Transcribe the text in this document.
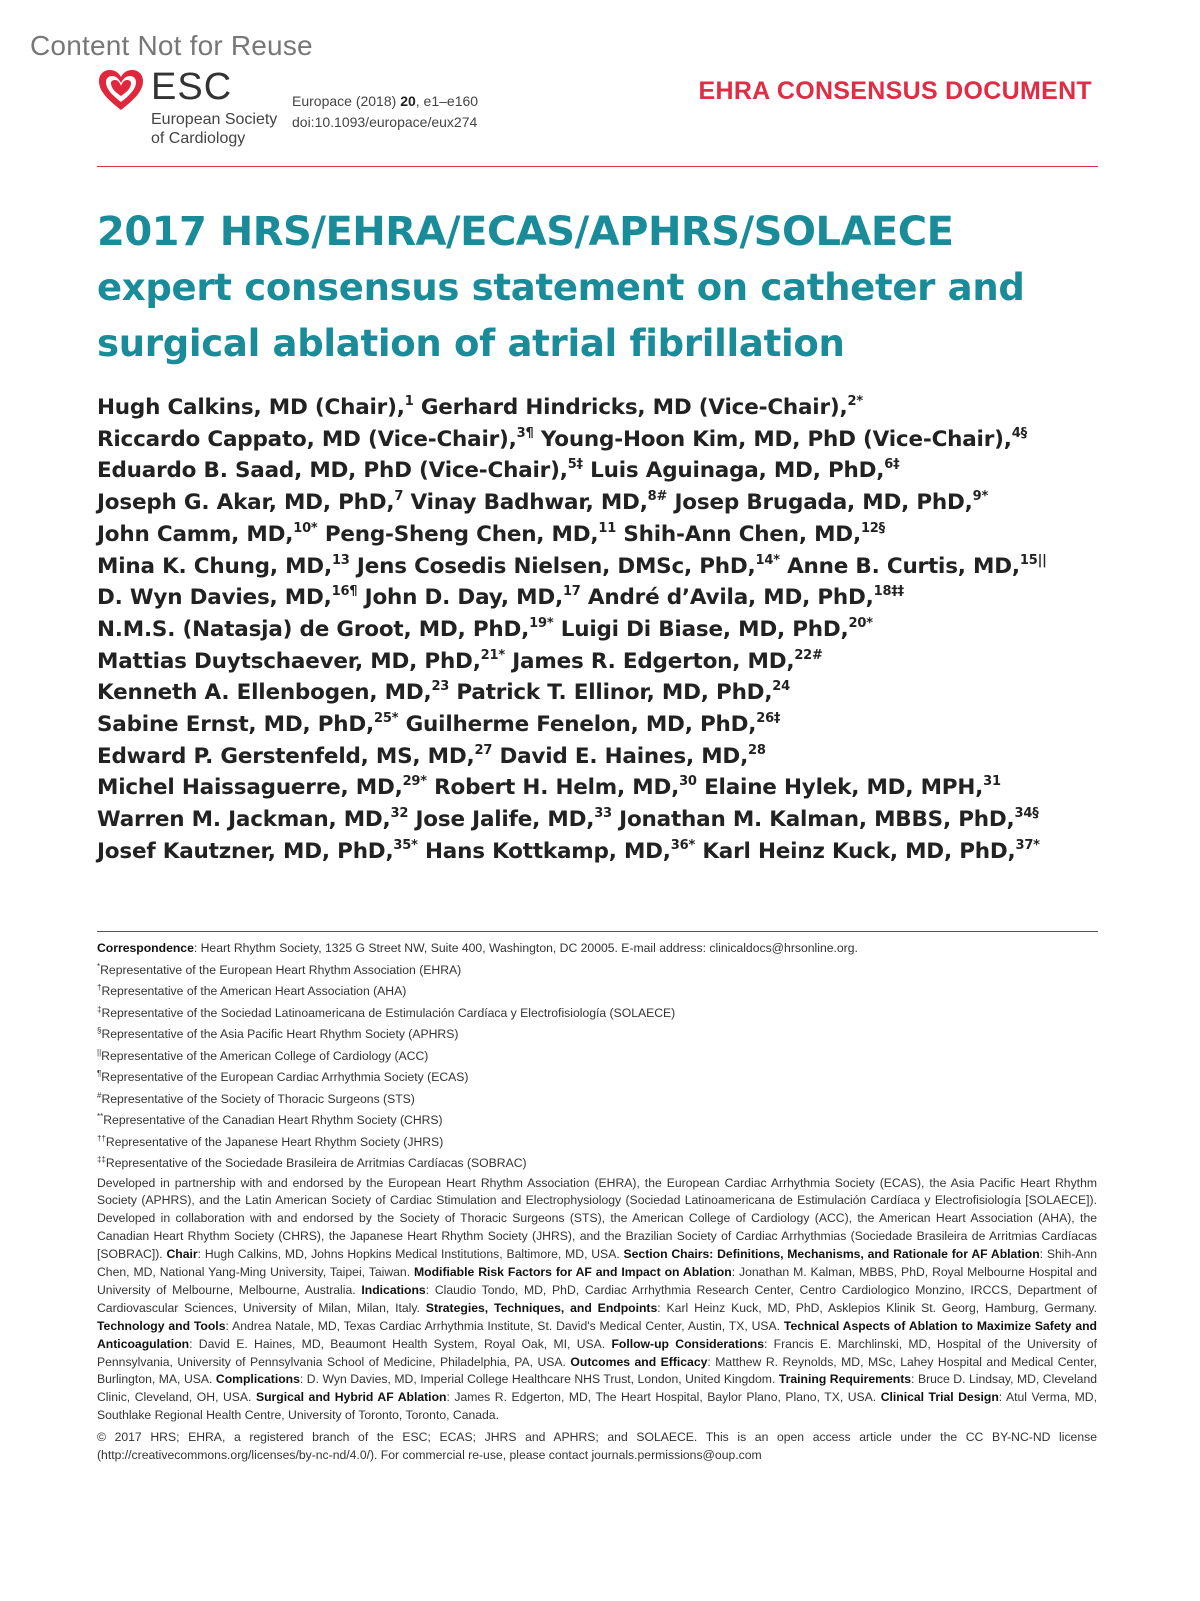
Content Not for Reuse
ESC
European Society
of Cardiology
Europace (2018) 20, e1–e160
doi:10.1093/europace/eux274
EHRA CONSENSUS DOCUMENT
2017 HRS/EHRA/ECAS/APHRS/SOLAECE
expert consensus statement on catheter and
surgical ablation of atrial fibrillation
Hugh Calkins, MD (Chair),$^1$ Gerhard Hindricks, MD (Vice-Chair),$^{2*}$
Riccardo Cappato, MD (Vice-Chair),$^{3\P}$ Young-Hoon Kim, MD, PhD (Vice-Chair),$^{4\S}$
Eduardo B. Saad, MD, PhD (Vice-Chair),$^{5\ddagger}$ Luis Aguinaga, MD, PhD,$^{6\ddagger}$
Joseph G. Akar, MD, PhD,$^7$ Vinay Badhwar, MD,$^{8\#}$ Josep Brugada, MD, PhD,$^{9*}$
John Camm, MD,$^{10*}$ Peng-Sheng Chen, MD,$^{11}$ Shih-Ann Chen, MD,$^{12\S}$
Mina K. Chung, MD,$^{13}$ Jens Cosedis Nielsen, DMSc, PhD,$^{14*}$ Anne B. Curtis, MD,$^{15||}$
D. Wyn Davies, MD,$^{16\P}$ John D. Day, MD,$^{17}$ André d’Avila, MD, PhD,$^{18\ddagger\ddagger}$
N.M.S. (Natasja) de Groot, MD, PhD,$^{19*}$ Luigi Di Biase, MD, PhD,$^{20*}$
Mattias Duytschaever, MD, PhD,$^{21*}$ James R. Edgerton, MD,$^{22\#}$
Kenneth A. Ellenbogen, MD,$^{23}$ Patrick T. Ellinor, MD, PhD,$^{24}$
Sabine Ernst, MD, PhD,$^{25*}$ Guilherme Fenelon, MD, PhD,$^{26\ddagger}$
Edward P. Gerstenfeld, MS, MD,$^{27}$ David E. Haines, MD,$^{28}$
Michel Haissaguerre, MD,$^{29*}$ Robert H. Helm, MD,$^{30}$ Elaine Hylek, MD, MPH,$^{31}$
Warren M. Jackman, MD,$^{32}$ Jose Jalife, MD,$^{33}$ Jonathan M. Kalman, MBBS, PhD,$^{34\S}$
Josef Kautzner, MD, PhD,$^{35*}$ Hans Kottkamp, MD,$^{36*}$ Karl Heinz Kuck, MD, PhD,$^{37*}$
Correspondence: Heart Rhythm Society, 1325 G Street NW, Suite 400, Washington, DC 20005. E-mail address: clinicaldocs@hrsonline.org.
*Representative of the European Heart Rhythm Association (EHRA)
†Representative of the American Heart Association (AHA)
‡Representative of the Sociedad Latinoamericana de Estimulación Cardíaca y Electrofisiología (SOLAECE)
§Representative of the Asia Pacific Heart Rhythm Society (APHRS)
||Representative of the American College of Cardiology (ACC)
¶Representative of the European Cardiac Arrhythmia Society (ECAS)
#Representative of the Society of Thoracic Surgeons (STS)
**Representative of the Canadian Heart Rhythm Society (CHRS)
††Representative of the Japanese Heart Rhythm Society (JHRS)
‡‡Representative of the Sociedade Brasileira de Arritmias Cardíacas (SOBRAC)
Developed in partnership with and endorsed by the European Heart Rhythm Association (EHRA), the European Cardiac Arrhythmia Society (ECAS), the Asia Pacific Heart Rhythm Society (APHRS), and the Latin American Society of Cardiac Stimulation and Electrophysiology (Sociedad Latinoamericana de Estimulación Cardíaca y Electrofisiología [SOLAECE]). Developed in collaboration with and endorsed by the Society of Thoracic Surgeons (STS), the American College of Cardiology (ACC), the American Heart Association (AHA), the Canadian Heart Rhythm Society (CHRS), the Japanese Heart Rhythm Society (JHRS), and the Brazilian Society of Cardiac Arrhythmias (Sociedade Brasileira de Arritmias Cardíacas [SOBRAC]). Chair: Hugh Calkins, MD, Johns Hopkins Medical Institutions, Baltimore, MD, USA. Section Chairs: Definitions, Mechanisms, and Rationale for AF Ablation: Shih-Ann Chen, MD, National Yang-Ming University, Taipei, Taiwan. Modifiable Risk Factors for AF and Impact on Ablation: Jonathan M. Kalman, MBBS, PhD, Royal Melbourne Hospital and University of Melbourne, Melbourne, Australia. Indications: Claudio Tondo, MD, PhD, Cardiac Arrhythmia Research Center, Centro Cardiologico Monzino, IRCCS, Department of Cardiovascular Sciences, University of Milan, Milan, Italy. Strategies, Techniques, and Endpoints: Karl Heinz Kuck, MD, PhD, Asklepios Klinik St. Georg, Hamburg, Germany. Technology and Tools: Andrea Natale, MD, Texas Cardiac Arrhythmia Institute, St. David's Medical Center, Austin, TX, USA. Technical Aspects of Ablation to Maximize Safety and Anticoagulation: David E. Haines, MD, Beaumont Health System, Royal Oak, MI, USA. Follow-up Considerations: Francis E. Marchlinski, MD, Hospital of the University of Pennsylvania, University of Pennsylvania School of Medicine, Philadelphia, PA, USA. Outcomes and Efficacy: Matthew R. Reynolds, MD, MSc, Lahey Hospital and Medical Center, Burlington, MA, USA. Complications: D. Wyn Davies, MD, Imperial College Healthcare NHS Trust, London, United Kingdom. Training Requirements: Bruce D. Lindsay, MD, Cleveland Clinic, Cleveland, OH, USA. Surgical and Hybrid AF Ablation: James R. Edgerton, MD, The Heart Hospital, Baylor Plano, Plano, TX, USA. Clinical Trial Design: Atul Verma, MD, Southlake Regional Health Centre, University of Toronto, Toronto, Canada.
© 2017 HRS; EHRA, a registered branch of the ESC; ECAS; JHRS and APHRS; and SOLAECE. This is an open access article under the CC BY-NC-ND license (http://creativecommons.org/licenses/by-nc-nd/4.0/). For commercial re-use, please contact journals.permissions@oup.com
